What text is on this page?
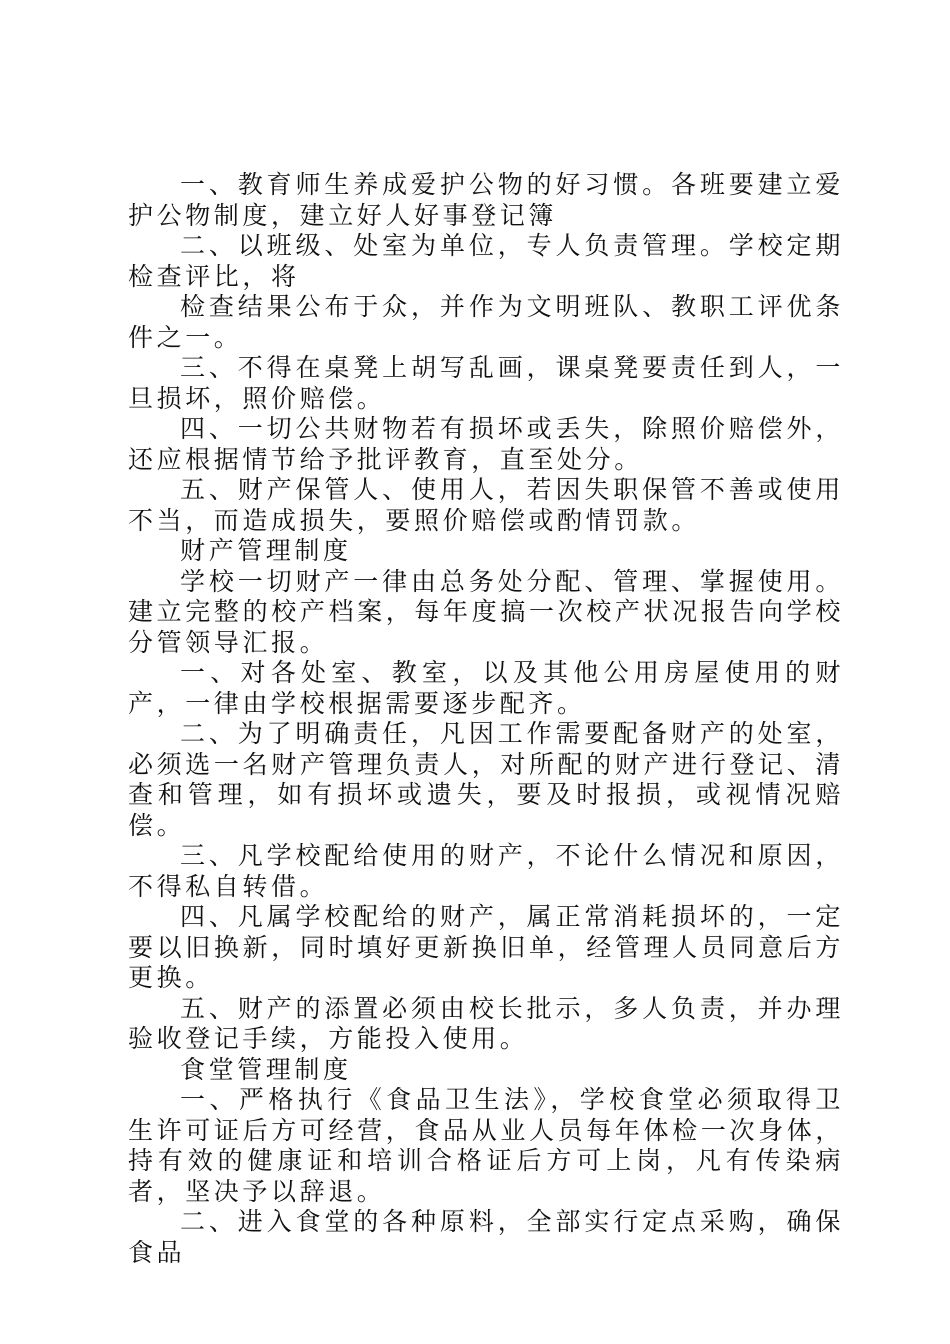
一、教育师生养成爱护公物的好习惯。各班要建立爱护公物制度，建立好人好事登记簿

二、以班级、处室为单位，专人负责管理。学校定期检查评比，将

检查结果公布于众，并作为文明班队、教职工评优条件之一。

三、不得在桌凳上胡写乱画，课桌凳要责任到人，一旦损坏，照价赔偿。

四、一切公共财物若有损坏或丢失，除照价赔偿外，还应根据情节给予批评教育，直至处分。

五、财产保管人、使用人，若因失职保管不善或使用不当，而造成损失，要照价赔偿或酌情罚款。

财产管理制度

学校一切财产一律由总务处分配、管理、掌握使用。建立完整的校产档案，每年度搞一次校产状况报告向学校分管领导汇报。

一、对各处室、教室，以及其他公用房屋使用的财产，一律由学校根据需要逐步配齐。

二、为了明确责任，凡因工作需要配备财产的处室，必须选一名财产管理负责人，对所配的财产进行登记、清查和管理，如有损坏或遗失，要及时报损，或视情况赔偿。

三、凡学校配给使用的财产，不论什么情况和原因，不得私自转借。

四、凡属学校配给的财产，属正常消耗损坏的，一定要以旧换新，同时填好更新换旧单，经管理人员同意后方更换。

五、财产的添置必须由校长批示，多人负责，并办理验收登记手续，方能投入使用。

食堂管理制度

一、严格执行《食品卫生法》，学校食堂必须取得卫生许可证后方可经营，食品从业人员每年体检一次身体，持有效的健康证和培训合格证后方可上岗，凡有传染病者，坚决予以辞退。

二、进入食堂的各种原料，全部实行定点采购，确保食品
